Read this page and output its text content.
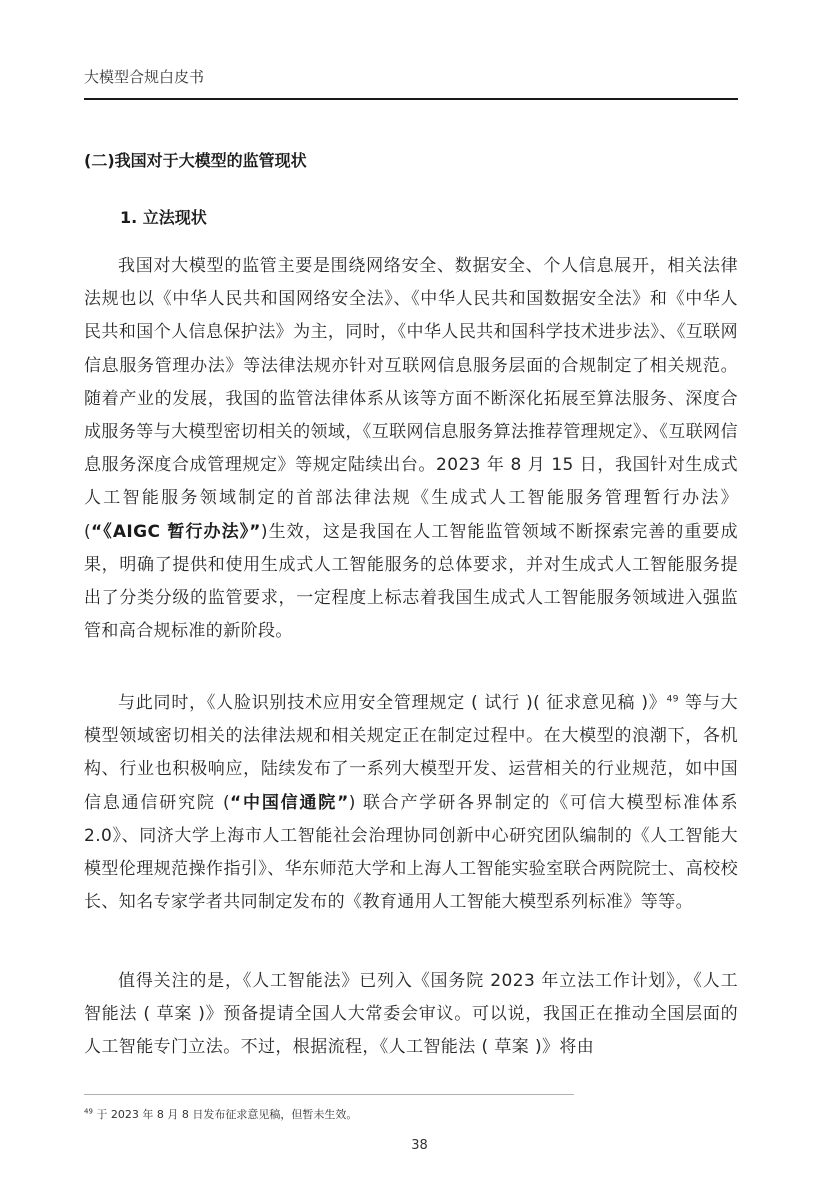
大模型合规白皮书
(二)我国对于大模型的监管现状
1. 立法现状

我国对大模型的监管主要是围绕网络安全、数据安全、个人信息展开，相关法律法规也以《中华人民共和国网络安全法》、《中华人民共和国数据安全法》和《中华人民共和国个人信息保护法》为主，同时，《中华人民共和国科学技术进步法》、《互联网信息服务管理办法》等法律法规亦针对互联网信息服务层面的合规制定了相关规范。随着产业的发展，我国的监管法律体系从该等方面不断深化拓展至算法服务、深度合成服务等与大模型密切相关的领域，《互联网信息服务算法推荐管理规定》、《互联网信息服务深度合成管理规定》等规定陆续出台。2023 年 8 月 15 日，我国针对生成式人工智能服务领域制定的首部法律法规《生成式人工智能服务管理暂行办法》(“《AIGC 暂行办法》”)生效，这是我国在人工智能监管领域不断探索完善的重要成果，明确了提供和使用生成式人工智能服务的总体要求，并对生成式人工智能服务提出了分类分级的监管要求，一定程度上标志着我国生成式人工智能服务领域进入强监管和高合规标准的新阶段。

与此同时，《人脸识别技术应用安全管理规定 ( 试行 )( 征求意见稿 )》$^{49}$ 等与大模型领域密切相关的法律法规和相关规定正在制定过程中。在大模型的浪潮下，各机构、行业也积极响应，陆续发布了一系列大模型开发、运营相关的行业规范，如中国信息通信研究院 (“中国信通院”) 联合产学研各界制定的《可信大模型标准体系 2.0》、同济大学上海市人工智能社会治理协同创新中心研究团队编制的《人工智能大模型伦理规范操作指引》、华东师范大学和上海人工智能实验室联合两院院士、高校校长、知名专家学者共同制定发布的《教育通用人工智能大模型系列标准》等等。

值得关注的是，《人工智能法》已列入《国务院 2023 年立法工作计划》，《人工智能法 ( 草案 )》预备提请全国人大常委会审议。可以说，我国正在推动全国层面的人工智能专门立法。不过，根据流程，《人工智能法 ( 草案 )》将由

$^{49}$ 于 2023 年 8 月 8 日发布征求意见稿，但暂未生效。
38
